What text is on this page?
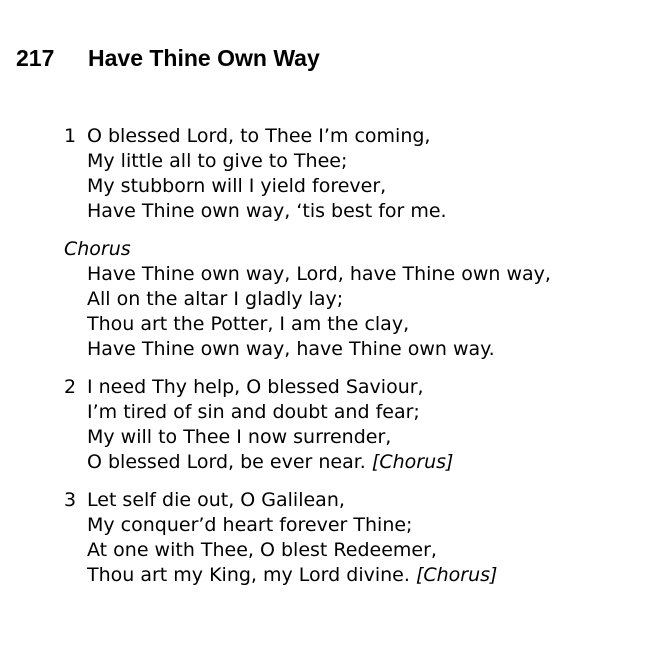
217 Have Thine Own Way
1 O blessed Lord, to Thee I’m coming,
My little all to give to Thee;
My stubborn will I yield forever,
Have Thine own way, ‘tis best for me.
Chorus
Have Thine own way, Lord, have Thine own way,
All on the altar I gladly lay;
Thou art the Potter, I am the clay,
Have Thine own way, have Thine own way.
2 I need Thy help, O blessed Saviour,
I’m tired of sin and doubt and fear;
My will to Thee I now surrender,
O blessed Lord, be ever near. [Chorus]
3 Let self die out, O Galilean,
My conquer’d heart forever Thine;
At one with Thee, O blest Redeemer,
Thou art my King, my Lord divine. [Chorus]
